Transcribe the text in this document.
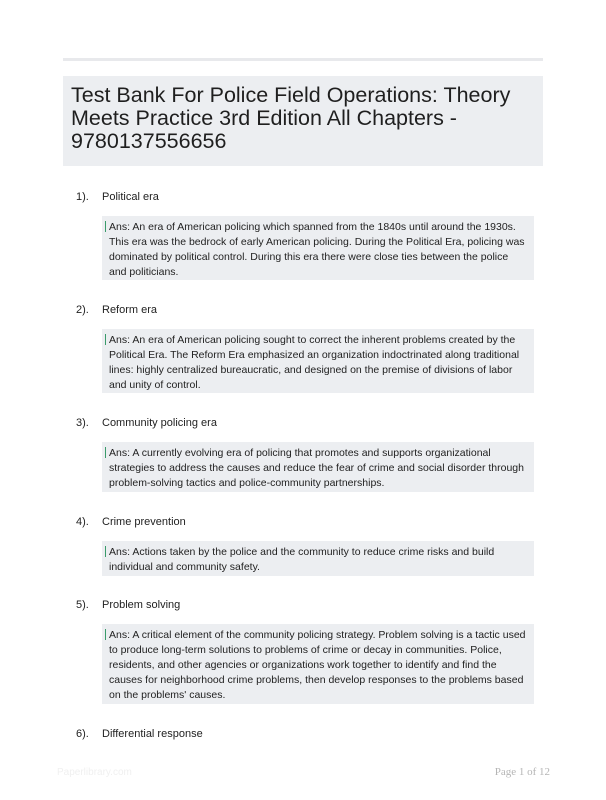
Test Bank For Police Field Operations: Theory Meets Practice 3rd Edition All Chapters - 9780137556656
1). Political era
Ans: An era of American policing which spanned from the 1840s until around the 1930s. This era was the bedrock of early American policing. During the Political Era, policing was dominated by political control. During this era there were close ties between the police and politicians.
2). Reform era
Ans: An era of American policing sought to correct the inherent problems created by the Political Era. The Reform Era emphasized an organization indoctrinated along traditional lines: highly centralized bureaucratic, and designed on the premise of divisions of labor and unity of control.
3). Community policing era
Ans: A currently evolving era of policing that promotes and supports organizational strategies to address the causes and reduce the fear of crime and social disorder through problem-solving tactics and police-community partnerships.
4). Crime prevention
Ans: Actions taken by the police and the community to reduce crime risks and build individual and community safety.
5). Problem solving
Ans: A critical element of the community policing strategy. Problem solving is a tactic used to produce long-term solutions to problems of crime or decay in communities. Police, residents, and other agencies or organizations work together to identify and find the causes for neighborhood crime problems, then develop responses to the problems based on the problems' causes.
6). Differential response
Paperlibrary.com	Page 1 of 12
